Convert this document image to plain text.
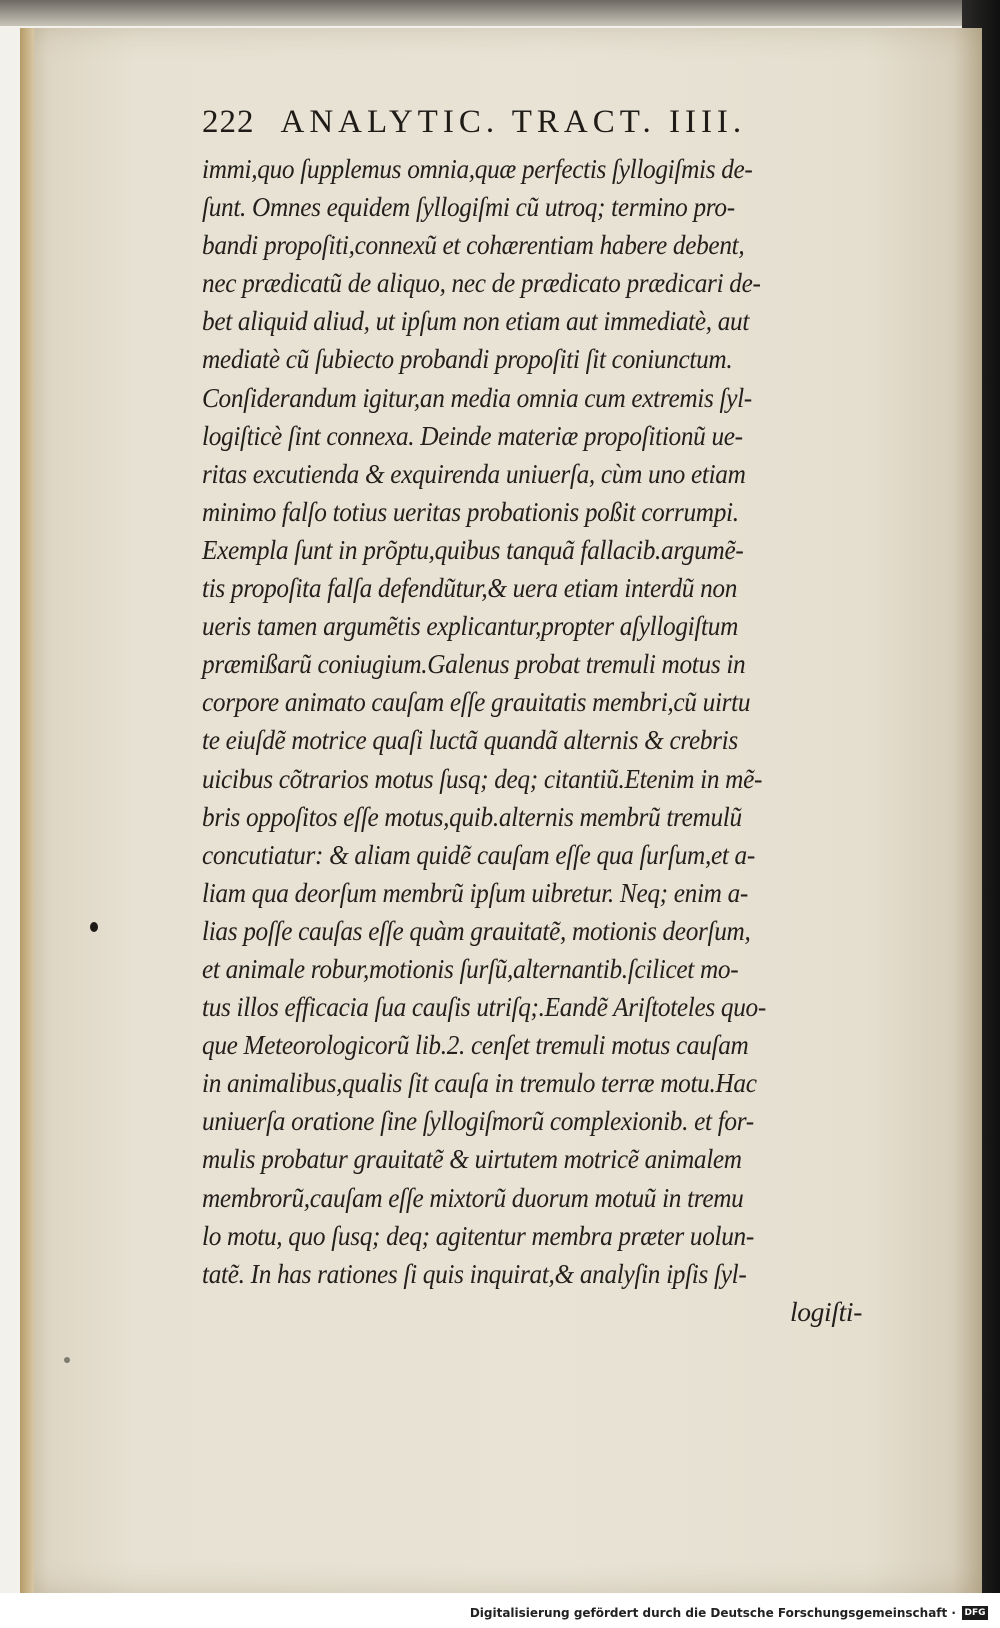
222 ANALYTIC. TRACT. IIII.
immi,quo ſupplemus omnia,quæ perfectis ſyllogiſmis de-
ſunt. Omnes equidem ſyllogiſmi cũ utroq; termino pro-
bandi propoſiti,connexũ et cohærentiam habere debent,
nec prædicatũ de aliquo, nec de prædicato prædicari de-
bet aliquid aliud, ut ipſum non etiam aut immediatè, aut
mediatè cũ ſubiecto probandi propoſiti ſit coniunctum.
Conſiderandum igitur,an media omnia cum extremis ſyl-
logiſticè ſint connexa. Deinde materiæ propoſitionũ ue-
ritas excutienda & exquirenda uniuerſa, cùm uno etiam
minimo falſo totius ueritas probationis poßit corrumpi.
Exempla ſunt in prõptu,quibus tanquã fallacib.argumẽ-
tis propoſita falſa defendũtur,& uera etiam interdũ non
ueris tamen argumẽtis explicantur,propter aſyllogiſtum
præmißarũ coniugium.Galenus probat tremuli motus in
corpore animato cauſam eſſe grauitatis membri,cũ uirtu
te eiuſdẽ motrice quaſi luctã quandã alternis & crebris
uicibus cõtrarios motus ſusq; deq; citantiũ.Etenim in mẽ-
bris oppoſitos eſſe motus,quib.alternis membrũ tremulũ
concutiatur: & aliam quidẽ cauſam eſſe qua ſurſum,et a-
liam qua deorſum membrũ ipſum uibretur. Neq; enim a-
lias poſſe cauſas eſſe quàm grauitatẽ, motionis deorſum,
et animale robur,motionis ſurſũ,alternantib.ſcilicet mo-
tus illos efficacia ſua cauſis utriſq;.Eandẽ Ariſtoteles quo-
que Meteorologicorũ lib.2. cenſet tremuli motus cauſam
in animalibus,qualis ſit cauſa in tremulo terræ motu.Hac
uniuerſa oratione ſine ſyllogiſmorũ complexionib. et for-
mulis probatur grauitatẽ & uirtutem motricẽ animalem
membrorũ,cauſam eſſe mixtorũ duorum motuũ in tremu
lo motu, quo ſusq; deq; agitentur membra præter uolun-
tatẽ. In has rationes ſi quis inquirat,& analyſin ipſis ſyl-
logiſti-
Digitalisierung gefördert durch die Deutsche Forschungsgemeinschaft · DFG
